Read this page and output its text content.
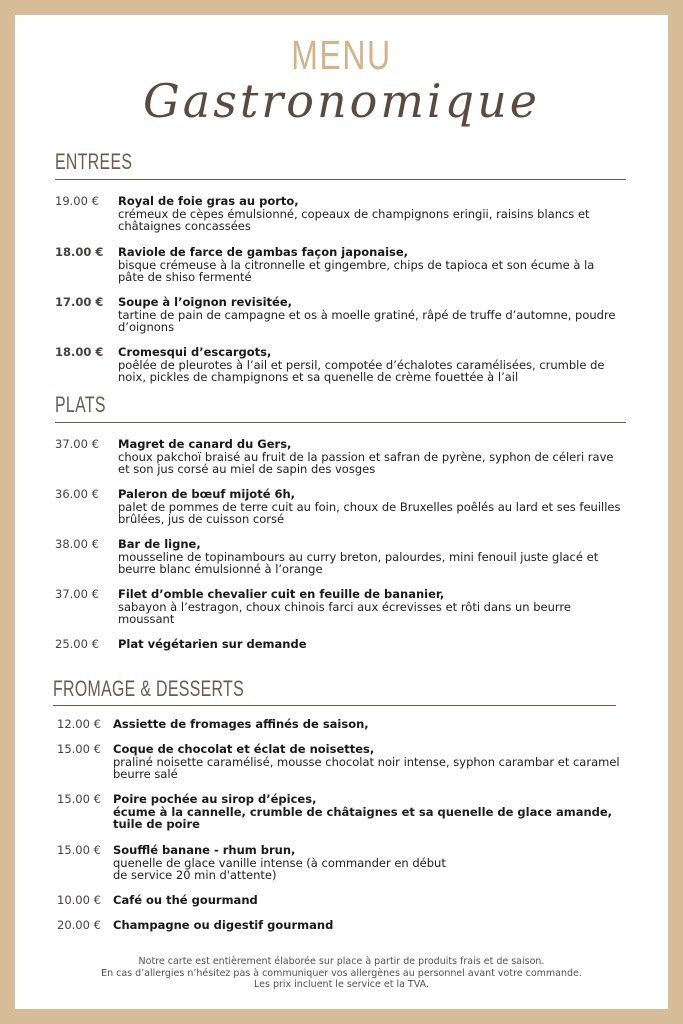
MENU
Gastronomique
ENTREES
19.00 € Royal de foie gras au porto,
crémeux de cèpes émulsionné, copeaux de champignons eringii, raisins blancs et châtaignes concassées
18.00 € Raviole de farce de gambas façon japonaise,
bisque crémeuse à la citronnelle et gingembre, chips de tapioca et son écume à la pâte de shiso fermenté
17.00 € Soupe à l’oignon revisitée,
tartine de pain de campagne et os à moelle gratiné, râpé de truffe d’automne, poudre d’oignons
18.00 € Cromesqui d’escargots,
poêlée de pleurotes à l’ail et persil, compotée d’échalotes caramélisées, crumble de noix, pickles de champignons et sa quenelle de crème fouettée à l’ail
PLATS
37.00 € Magret de canard du Gers,
choux pakchoï braisé au fruit de la passion et safran de pyrène, syphon de céleri rave et son jus corsé au miel de sapin des vosges
36.00 € Paleron de bœuf mijoté 6h,
palet de pommes de terre cuit au foin, choux de Bruxelles poêlés au lard et ses feuilles brûlées, jus de cuisson corsé
38.00 € Bar de ligne,
mousseline de topinambours au curry breton, palourdes, mini fenouil juste glacé et beurre blanc émulsionné à l’orange
37.00 € Filet d’omble chevalier cuit en feuille de bananier,
sabayon à l’estragon, choux chinois farci aux écrevisses et rôti dans un beurre moussant
25.00 € Plat végétarien sur demande
FROMAGE & DESSERTS
12.00 € Assiette de fromages affinés de saison,
15.00 € Coque de chocolat et éclat de noisettes,
praliné noisette caramélisé, mousse chocolat noir intense, syphon carambar et caramel beurre salé
15.00 € Poire pochée au sirop d’épices,
écume à la cannelle, crumble de châtaignes et sa quenelle de glace amande, tuile de poire
15.00 € Soufflé banane - rhum brun,
quenelle de glace vanille intense (à commander en début de service 20 min d'attente)
10.00 € Café ou thé gourmand
20.00 € Champagne ou digestif gourmand
Notre carte est entièrement élaborée sur place à partir de produits frais et de saison.
En cas d’allergies n’hésitez pas à communiquer vos allergènes au personnel avant votre commande.
Les prix incluent le service et la TVA.
